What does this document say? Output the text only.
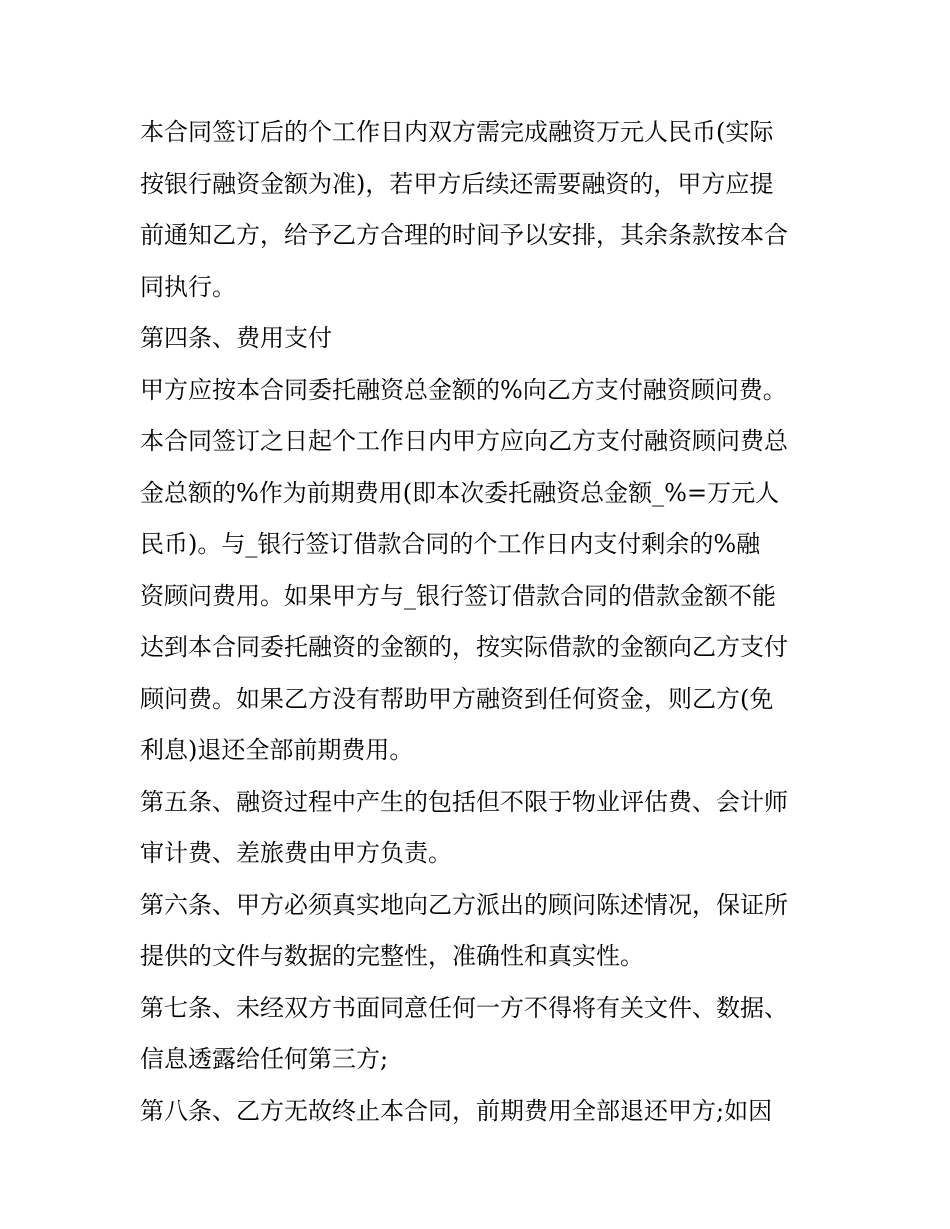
本合同签订后的个工作日内双方需完成融资万元人民币(实际
按银行融资金额为准)，若甲方后续还需要融资的，甲方应提
前通知乙方，给予乙方合理的时间予以安排，其余条款按本合
同执行。
第四条、费用支付
甲方应按本合同委托融资总金额的%向乙方支付融资顾问费。
本合同签订之日起个工作日内甲方应向乙方支付融资顾问费总
金总额的%作为前期费用(即本次委托融资总金额_%=万元人
民币)。与_银行签订借款合同的个工作日内支付剩余的%融
资顾问费用。如果甲方与_银行签订借款合同的借款金额不能
达到本合同委托融资的金额的，按实际借款的金额向乙方支付
顾问费。如果乙方没有帮助甲方融资到任何资金，则乙方(免
利息)退还全部前期费用。
第五条、融资过程中产生的包括但不限于物业评估费、会计师
审计费、差旅费由甲方负责。
第六条、甲方必须真实地向乙方派出的顾问陈述情况，保证所
提供的文件与数据的完整性，准确性和真实性。
第七条、未经双方书面同意任何一方不得将有关文件、数据、
信息透露给任何第三方;
第八条、乙方无故终止本合同，前期费用全部退还甲方;如因
